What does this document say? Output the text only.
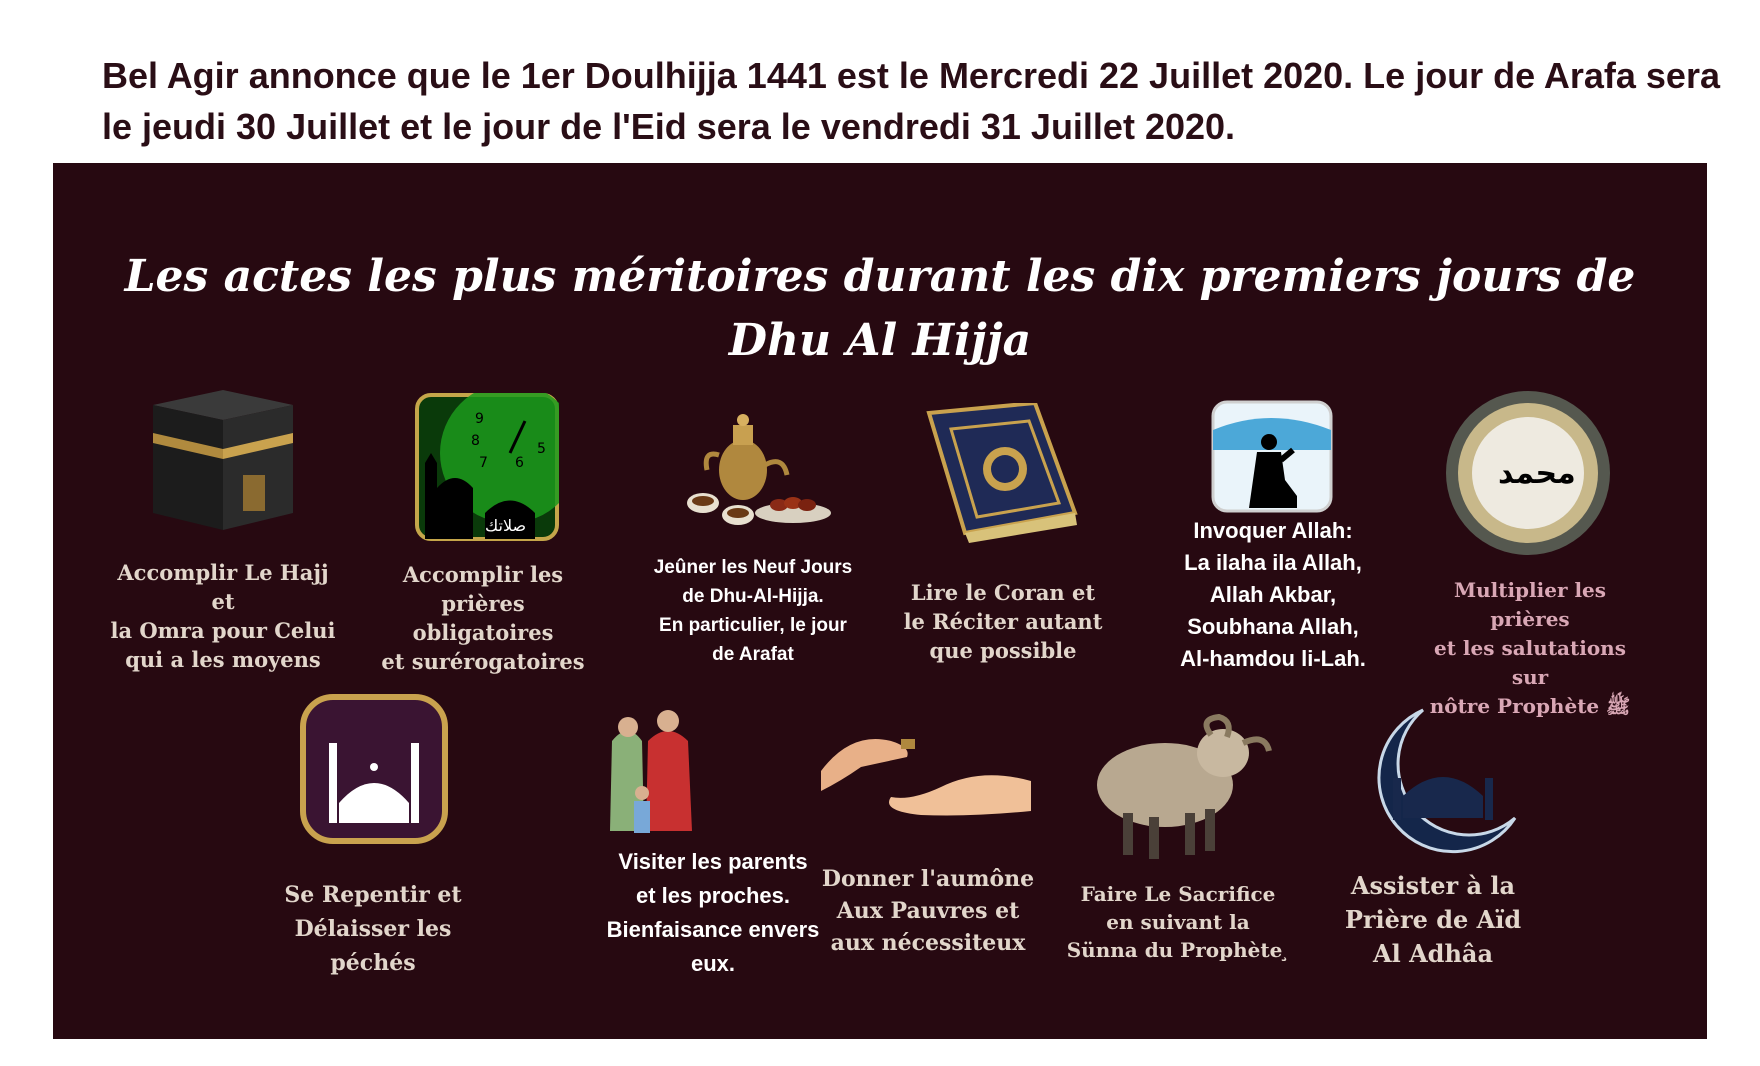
Bel Agir annonce que le 1er Doulhijja 1441 est le Mercredi 22 Juillet 2020. Le jour de Arafa sera le jeudi 30 Juillet et le jour de l'Eid sera le vendredi 31 Juillet 2020.
Les actes les plus méritoires durant les dix premiers jours de
Dhu Al Hijja
Accomplir Le Hajj et
la Omra pour Celui
qui a les moyens
9
8
7 6
5
صلاتك
Accomplir les
prières obligatoires
et surérogatoires
Jeûner les Neuf Jours
de Dhu-Al-Hijja.
En particulier, le jour
de Arafat
Lire le Coran et
le Réciter autant
que possible
Invoquer Allah:
La ilaha ila Allah,
Allah Akbar,
Soubhana Allah,
Al-hamdou li-Lah.
محمد
Multiplier les prières
et les salutations sur
nôtre Prophète ﷺ
Se Repentir et
Délaisser les péchés
Visiter les parents
et les proches.
Bienfaisance envers
eux.
Donner l'aumône
Aux Pauvres et
aux nécessiteux
Faire Le Sacrifice
en suivant la
Sünna du Prophète ̧
Assister à la
Prière de Aïd
Al Adhâa
